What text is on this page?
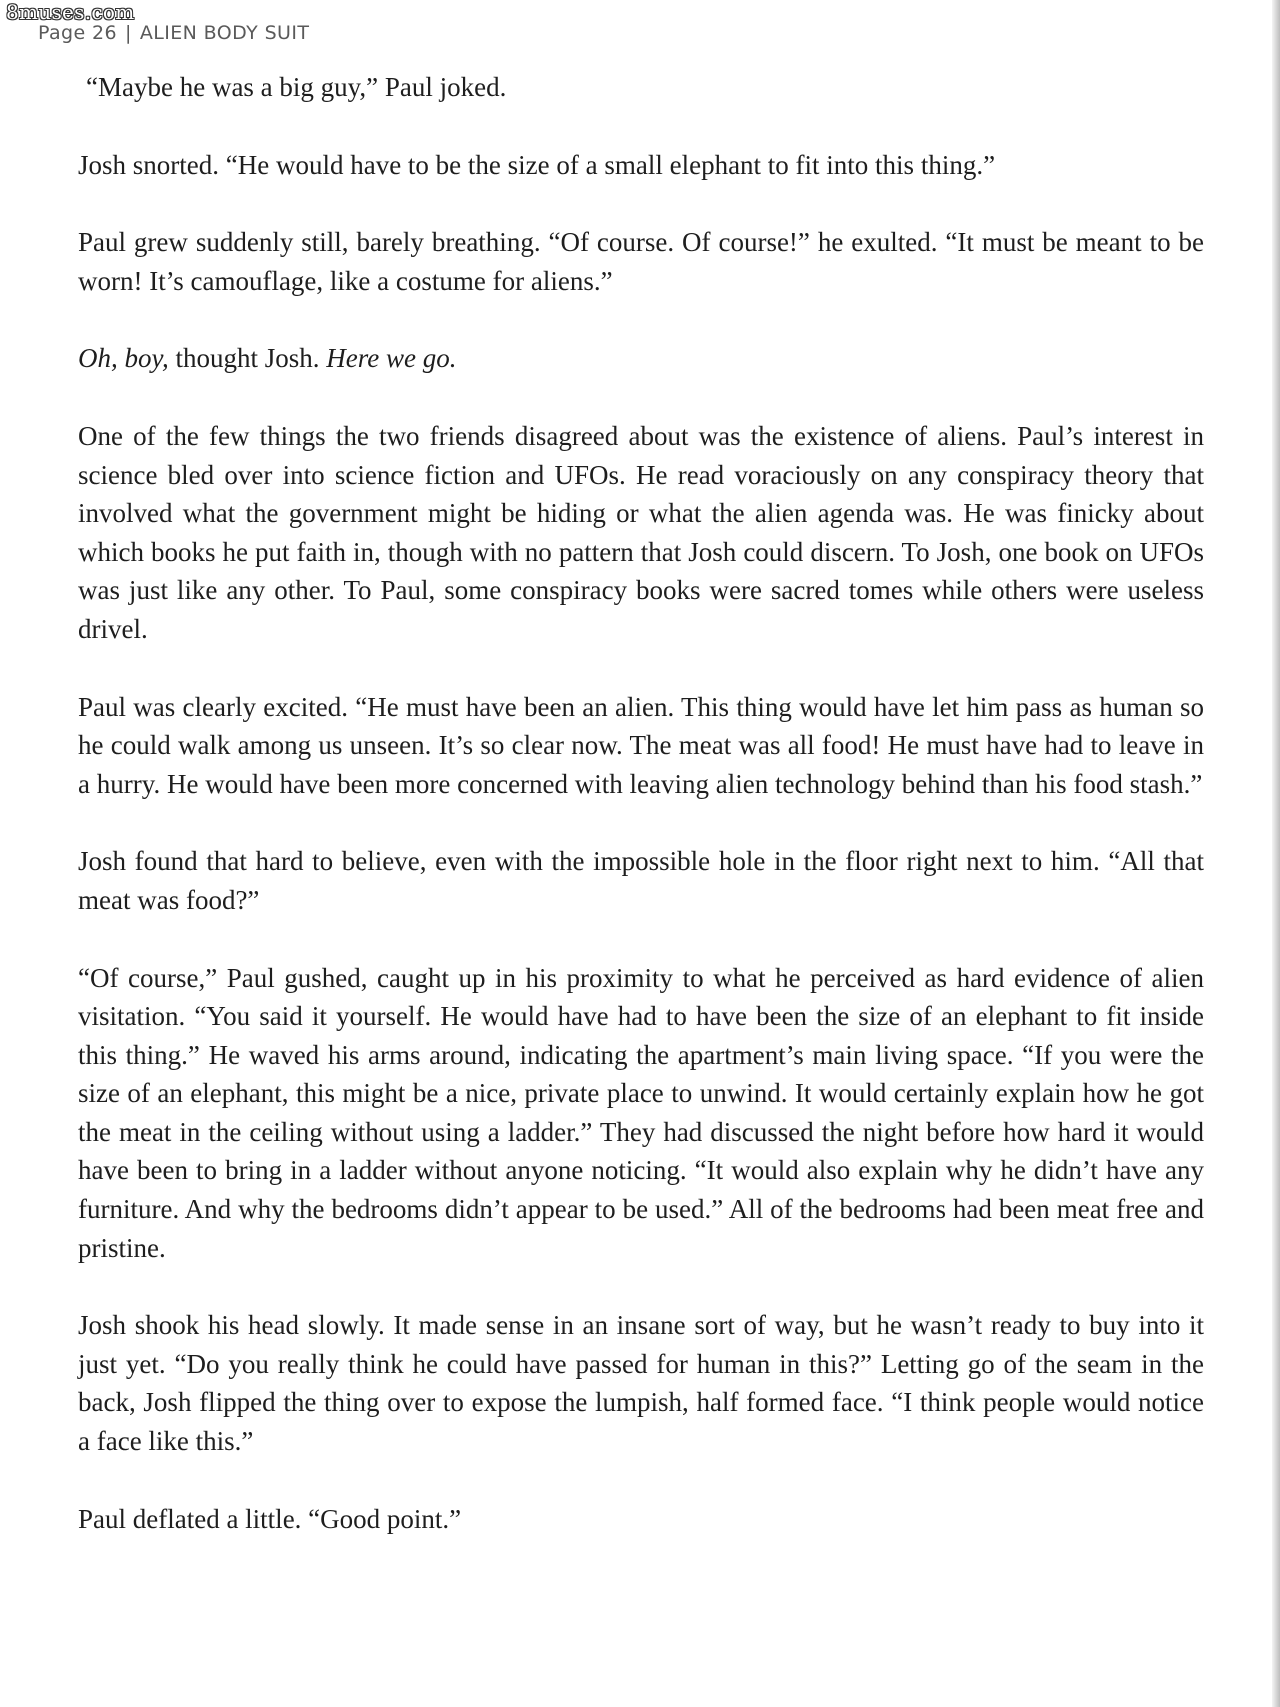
8muses.com
Page 26 | ALIEN BODY SUIT

“Maybe he was a big guy,” Paul joked.

Josh snorted. “He would have to be the size of a small elephant to fit into this thing.”

Paul grew suddenly still, barely breathing. “Of course. Of course!” he exulted. “It must be meant to be worn! It’s camouflage, like a costume for aliens.”

Oh, boy, thought Josh. Here we go.

One of the few things the two friends disagreed about was the existence of aliens. Paul’s interest in science bled over into science fiction and UFOs. He read voraciously on any conspiracy theory that involved what the government might be hiding or what the alien agenda was. He was finicky about which books he put faith in, though with no pattern that Josh could discern. To Josh, one book on UFOs was just like any other. To Paul, some conspiracy books were sacred tomes while others were useless drivel.

Paul was clearly excited. “He must have been an alien. This thing would have let him pass as human so he could walk among us unseen. It’s so clear now. The meat was all food! He must have had to leave in a hurry. He would have been more concerned with leaving alien technology behind than his food stash.”

Josh found that hard to believe, even with the impossible hole in the floor right next to him. “All that meat was food?”

“Of course,” Paul gushed, caught up in his proximity to what he perceived as hard evidence of alien visitation. “You said it yourself. He would have had to have been the size of an elephant to fit inside this thing.” He waved his arms around, indicating the apartment’s main living space. “If you were the size of an elephant, this might be a nice, private place to unwind. It would certainly explain how he got the meat in the ceiling without using a ladder.” They had discussed the night before how hard it would have been to bring in a ladder without anyone noticing. “It would also explain why he didn’t have any furniture. And why the bedrooms didn’t appear to be used.” All of the bedrooms had been meat free and pristine.

Josh shook his head slowly. It made sense in an insane sort of way, but he wasn’t ready to buy into it just yet. “Do you really think he could have passed for human in this?” Letting go of the seam in the back, Josh flipped the thing over to expose the lumpish, half formed face. “I think people would notice a face like this.”

Paul deflated a little. “Good point.”
